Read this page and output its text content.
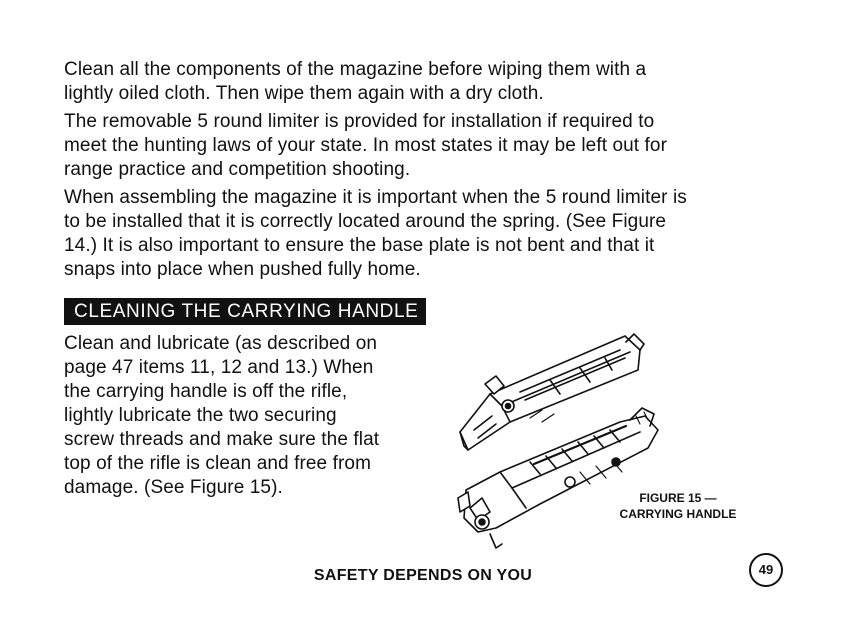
Clean all the components of the magazine before wiping them with a
lightly oiled cloth. Then wipe them again with a dry cloth.
The removable 5 round limiter is provided for installation if required to
meet the hunting laws of your state. In most states it may be left out for
range practice and competition shooting.
When assembling the magazine it is important when the 5 round limiter is
to be installed that it is correctly located around the spring. (See Figure
14.) It is also important to ensure the base plate is not bent and that it
snaps into place when pushed fully home.
CLEANING THE CARRYING HANDLE
Clean and lubricate (as described on
page 47 items 11, 12 and 13.) When
the carrying handle is off the rifle,
lightly lubricate the two securing
screw threads and make sure the flat
top of the rifle is clean and free from
damage. (See Figure 15).	FIGURE 15 —
CARRYING HANDLE
SAFETY DEPENDS ON YOU	49
